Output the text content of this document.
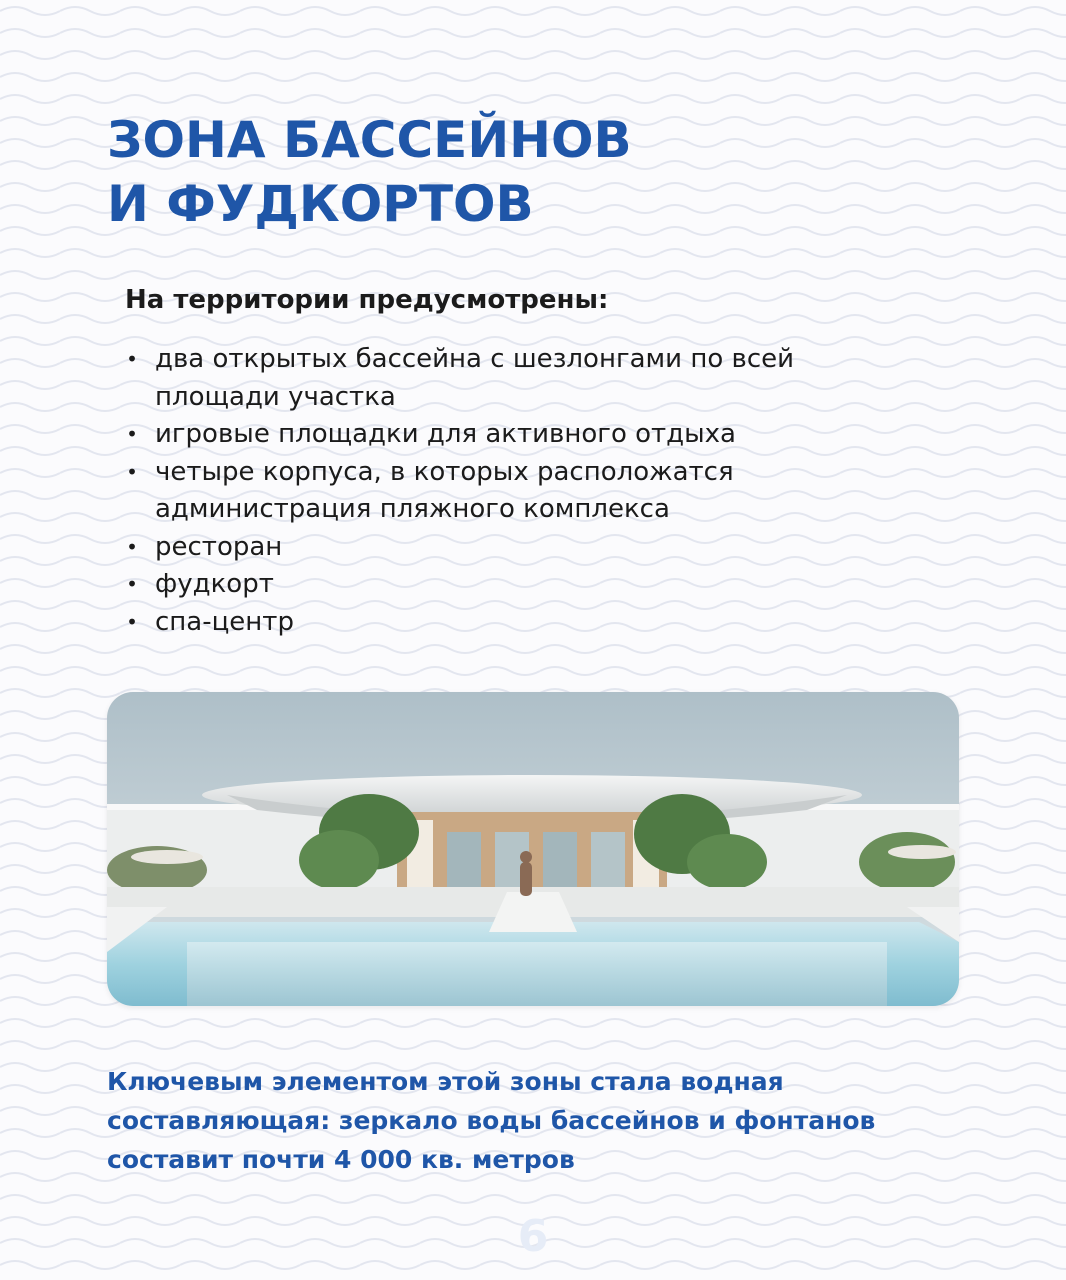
ЗОНА БАССЕЙНОВ
И ФУДКОРТОВ

На территории предусмотрены:

• два открытых бассейна с шезлонгами по всей
площади участка
• игровые площадки для активного отдыха
• четыре корпуса, в которых расположатся
администрация пляжного комплекса
• ресторан
• фудкорт
• спа-центр

Ключевым элементом этой зоны стала водная
составляющая: зеркало воды бассейнов и фонтанов
составит почти 4 000 кв. метров

6
